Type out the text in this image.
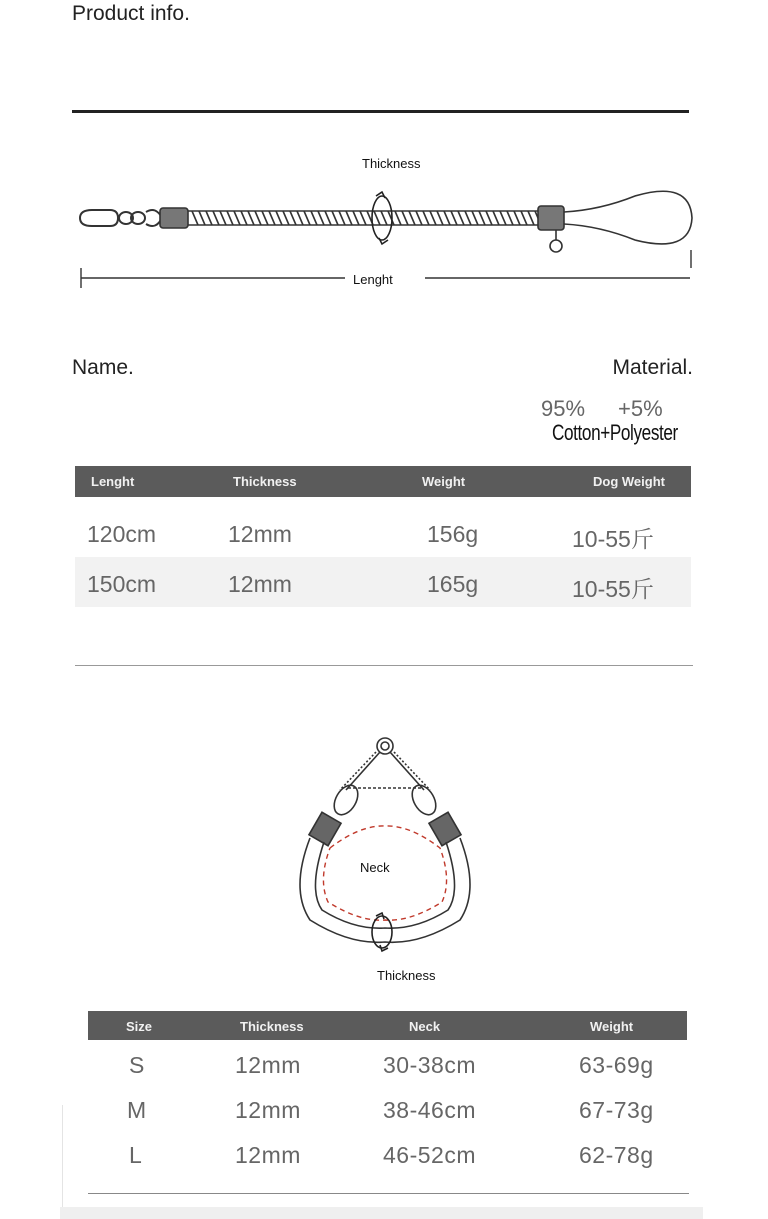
Product info.
Thickness
Lenght
Name.	Material.
95% +5%
Cotton+Polyester
Lenght	Thickness	Weight	Dog Weight
120cm	12mm	156g	10-55斤
150cm	12mm	165g	10-55斤
Neck
Thickness
Size	Thickness	Neck	Weight
S	12mm	30-38cm	63-69g
M	12mm	38-46cm	67-73g
L	12mm	46-52cm	62-78g
